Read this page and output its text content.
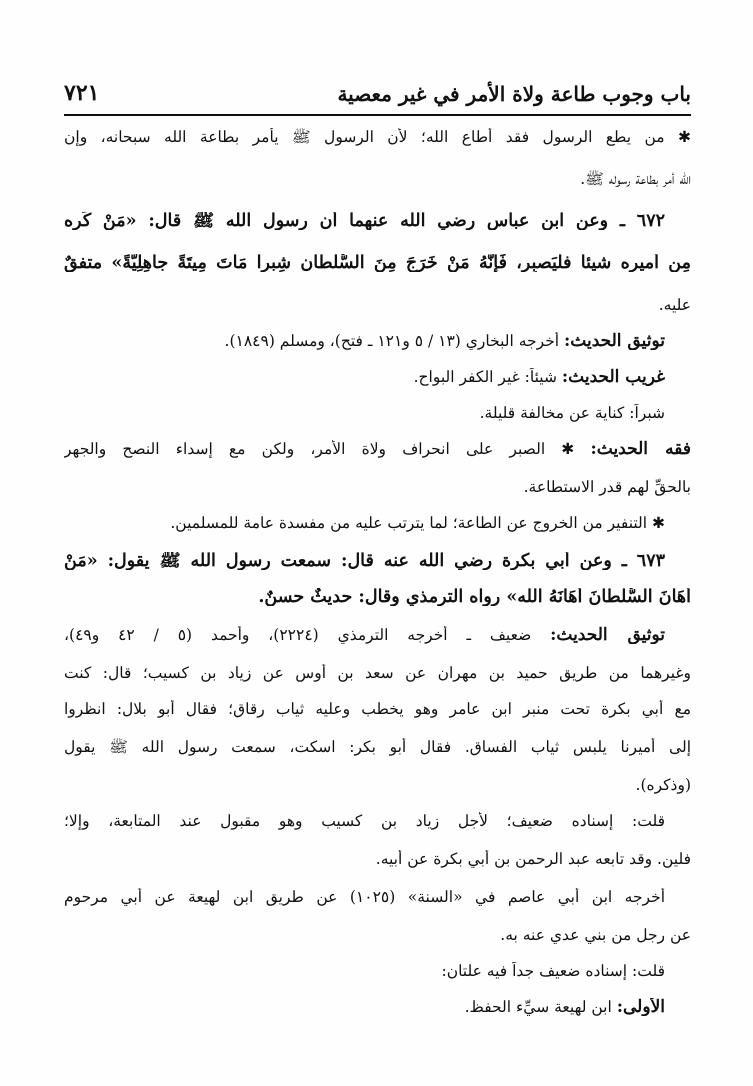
باب وجوب طاعة ولاة الأمر في غير معصية
٧٢١
✱ من يطع الرسول فقد أطاع الله؛ لأن الرسول ﷺ يأمر بطاعة الله سبحانه، وإن
الله أمر بطاعة رسوله ﷺ.
٦٧٢ ـ وعن ابن عباس رضي الله عنهما أن رسول الله ﷺ قال: «مَنْ كَرِه
مِن أميرِه شيئاً فليَصبِر، فَإنَّهُ مَنْ خَرَجَ مِنَ السُّلطَانِ شِبراً مَاتَ مِيتَةً جاهِلِيَّةً» متفقٌ
عليه.
توثيق الحديث: أخرجه البخاري (١٣ / ٥ و١٢١ ـ فتح)، ومسلم (١٨٤٩).
غريب الحديث: شيئاً: غير الكفر البواح.
شبراً: كناية عن مخالفة قليلة.
فقه الحديث: ✱ الصبر على انحراف ولاة الأمر، ولكن مع إسداء النصح والجهر
بالحقِّ لهم قدر الاستطاعة.
✱ التنفير من الخروج عن الطاعة؛ لما يترتب عليه من مفسدة عامة للمسلمين.
٦٧٣ ـ وعن أبي بكرة رضي الله عنه قال: سمعت رسول الله ﷺ يقول: «مَنْ
أهَانَ السُّلْطَانَ أهَانَهُ الله» رواه الترمذي وقال: حديثٌ حسنٌ.
توثيق الحديث: ضعيف ـ أخرجه الترمذي (٢٢٢٤)، وأحمد (٥ / ٤٢ و٤٩)،
وغيرهما من طريق حميد بن مهران عن سعد بن أوس عن زياد بن كسيب؛ قال: كنت
مع أبي بكرة تحت منبر ابن عامر وهو يخطب وعليه ثياب رقاق؛ فقال أبو بلال: انظروا
إلى أميرنا يلبس ثياب الفساق. فقال أبو بكر: اسكت، سمعت رسول الله ﷺ يقول
(وذكره).
قلت: إسناده ضعيف؛ لأجل زياد بن كسيب وهو مقبول عند المتابعة، وإلا؛
فلين. وقد تابعه عبد الرحمن بن أبي بكرة عن أبيه.
أخرجه ابن أبي عاصم في «السنة» (١٠٢٥) عن طريق ابن لهيعة عن أبي مرحوم
عن رجل من بني عدي عنه به.
قلت: إسناده ضعيف جداً فيه علتان:
الأولى: ابن لهيعة سيِّء الحفظ.
